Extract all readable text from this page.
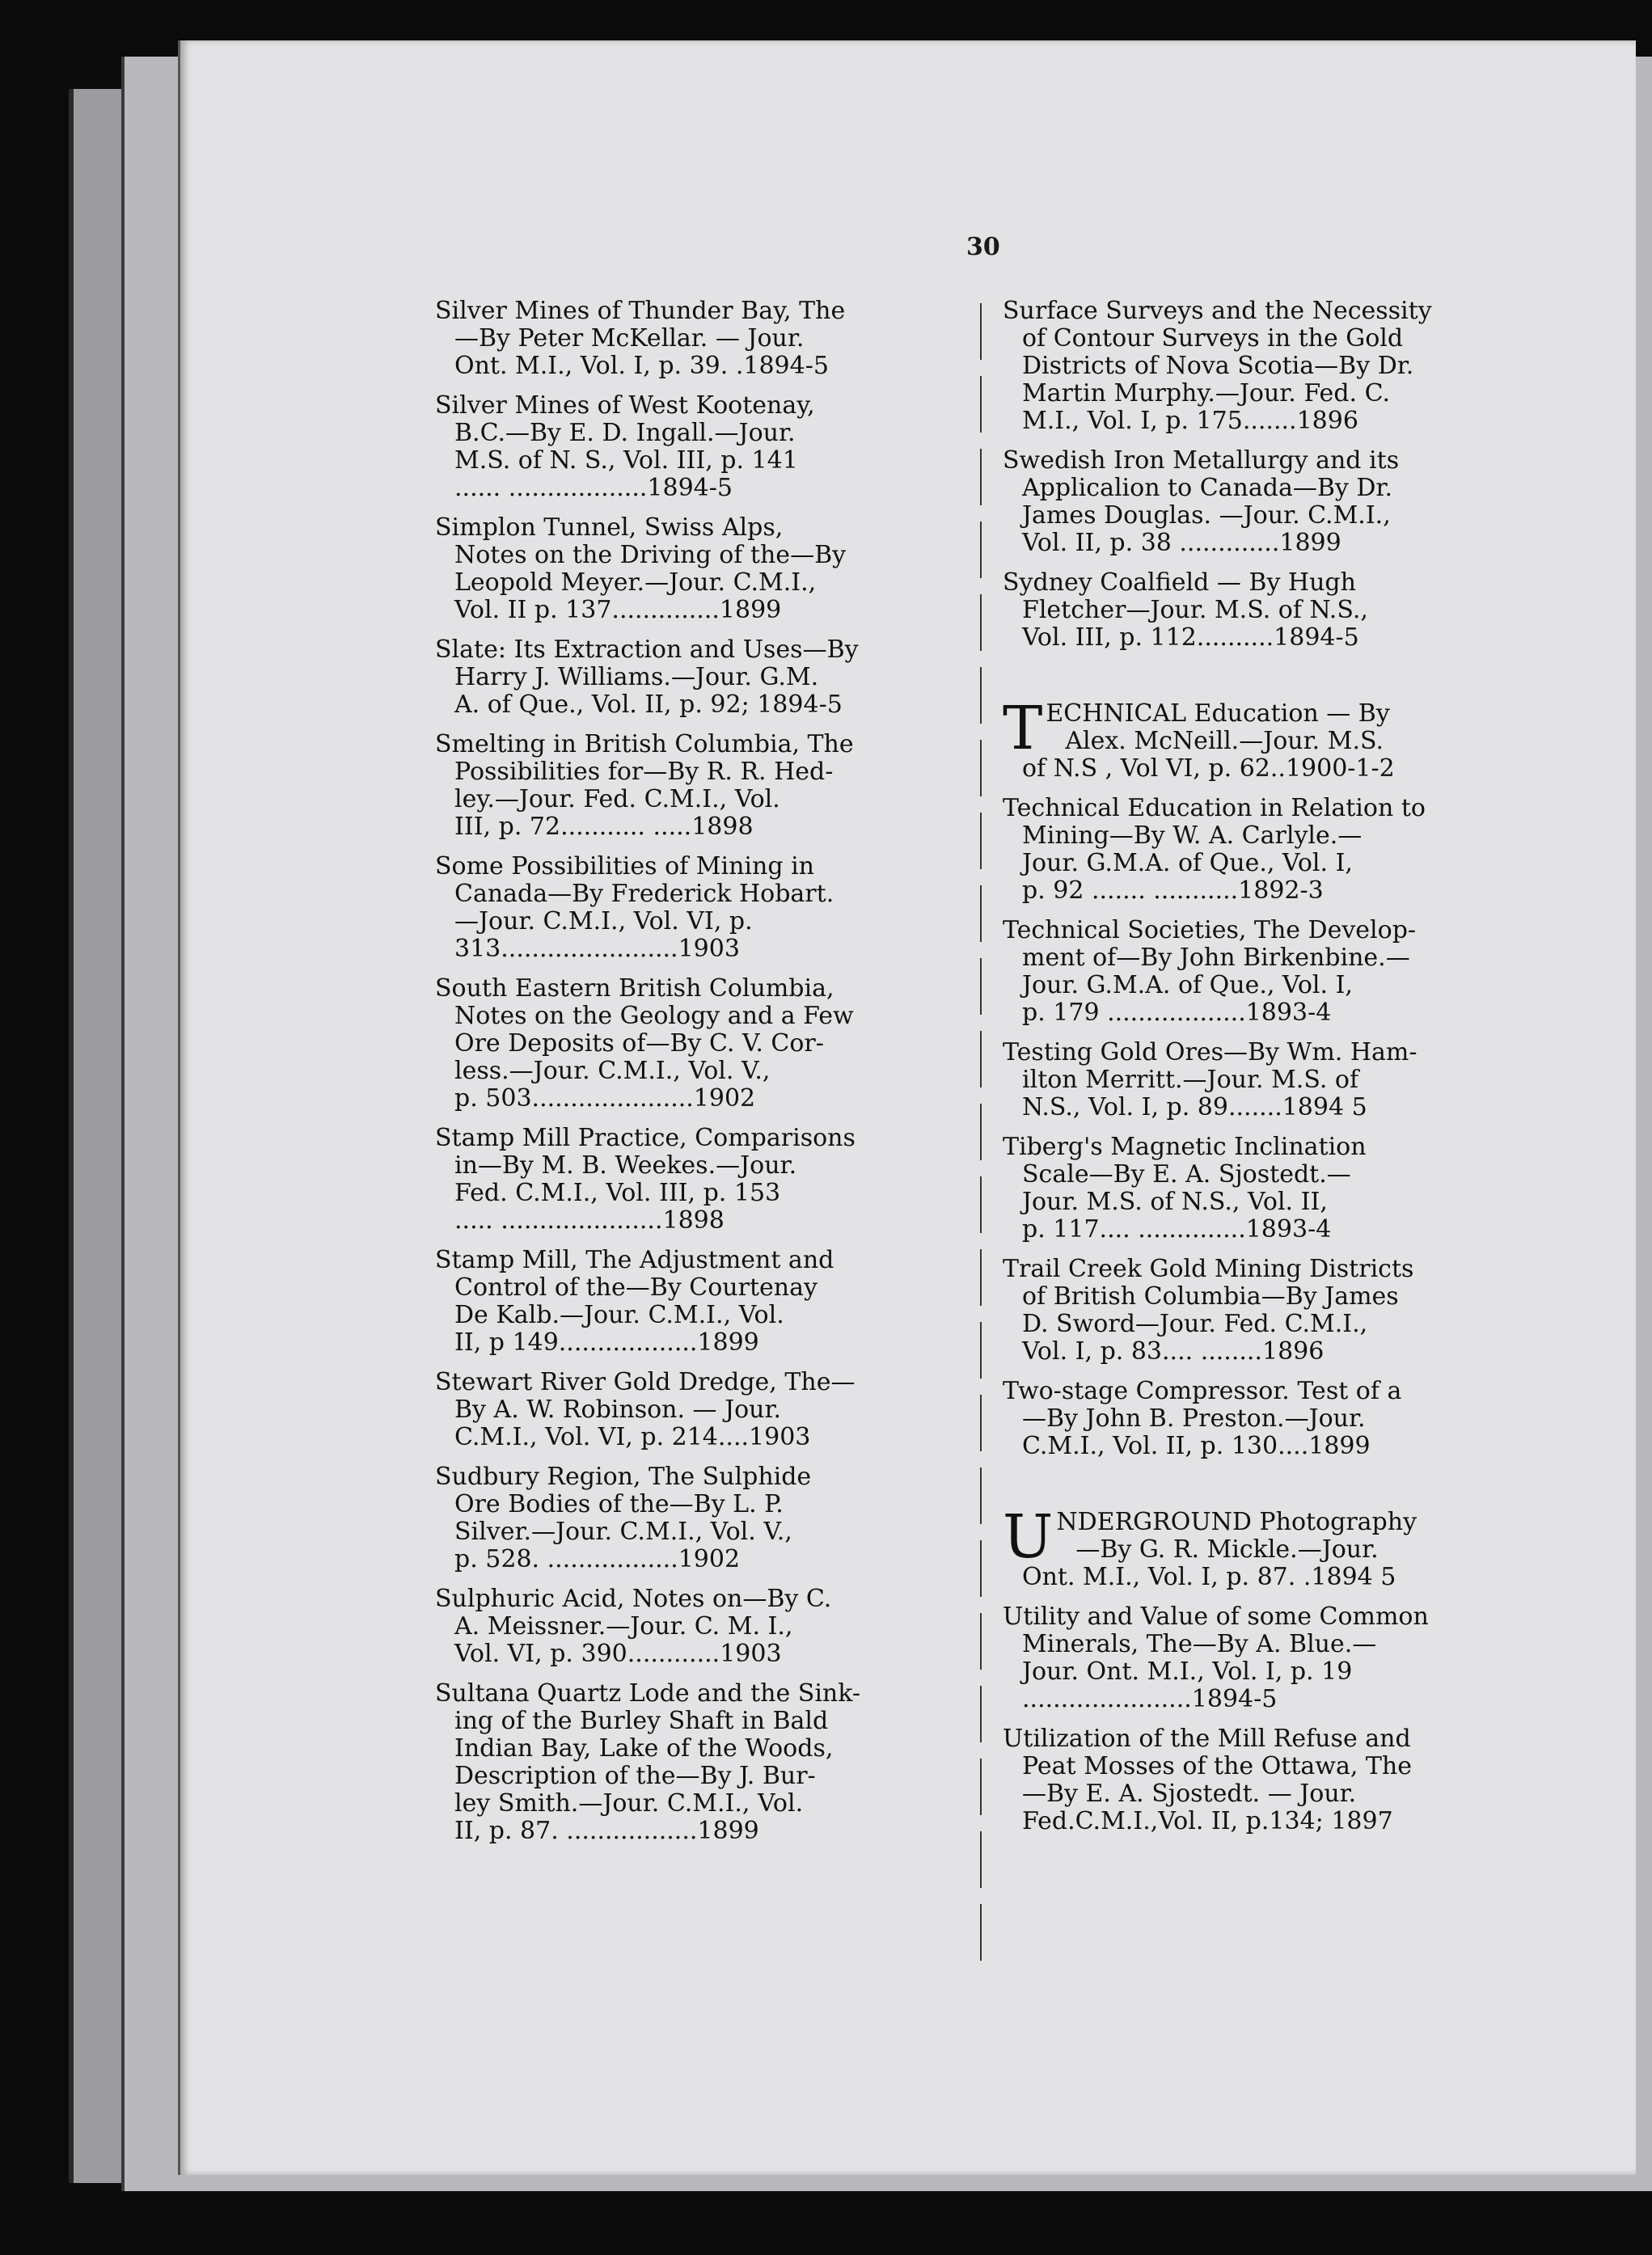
30
Silver Mines of Thunder Bay, The
—By Peter McKellar. — Jour.
Ont. M.I., Vol. I, p. 39. .1894-5
Silver Mines of West Kootenay,
B.C.—By E. D. Ingall.—Jour.
M.S. of N. S., Vol. III, p. 141
...... ..................1894-5
Simplon Tunnel, Swiss Alps,
Notes on the Driving of the—By
Leopold Meyer.—Jour. C.M.I.,
Vol. II p. 137..............1899
Slate: Its Extraction and Uses—By
Harry J. Williams.—Jour. G.M.
A. of Que., Vol. II, p. 92; 1894-5
Smelting in British Columbia, The
Possibilities for—By R. R. Hed-
ley.—Jour. Fed. C.M.I., Vol.
III, p. 72........... .....1898
Some Possibilities of Mining in
Canada—By Frederick Hobart.
—Jour. C.M.I., Vol. VI, p.
313.......................1903
South Eastern British Columbia,
Notes on the Geology and a Few
Ore Deposits of—By C. V. Cor-
less.—Jour. C.M.I., Vol. V.,
p. 503.....................1902
Stamp Mill Practice, Comparisons
in—By M. B. Weekes.—Jour.
Fed. C.M.I., Vol. III, p. 153
..... .....................1898
Stamp Mill, The Adjustment and
Control of the—By Courtenay
De Kalb.—Jour. C.M.I., Vol.
II, p 149..................1899
Stewart River Gold Dredge, The—
By A. W. Robinson. — Jour.
C.M.I., Vol. VI, p. 214....1903
Sudbury Region, The Sulphide
Ore Bodies of the—By L. P.
Silver.—Jour. C.M.I., Vol. V.,
p. 528. .................1902
Sulphuric Acid, Notes on—By C.
A. Meissner.—Jour. C. M. I.,
Vol. VI, p. 390............1903
Sultana Quartz Lode and the Sink-
ing of the Burley Shaft in Bald
Indian Bay, Lake of the Woods,
Description of the—By J. Bur-
ley Smith.—Jour. C.M.I., Vol.
II, p. 87. .................1899
Surface Surveys and the Necessity
of Contour Surveys in the Gold
Districts of Nova Scotia—By Dr.
Martin Murphy.—Jour. Fed. C.
M.I., Vol. I, p. 175.......1896
Swedish Iron Metallurgy and its
Applicalion to Canada—By Dr.
James Douglas. —Jour. C.M.I.,
Vol. II, p. 38 .............1899
Sydney Coalfield — By Hugh
Fletcher—Jour. M.S. of N.S.,
Vol. III, p. 112..........1894-5
T ECHNICAL Education — By
Alex. McNeill.—Jour. M.S.
of N.S , Vol VI, p. 62..1900-1-2
Technical Education in Relation to
Mining—By W. A. Carlyle.—
Jour. G.M.A. of Que., Vol. I,
p. 92 ....... ...........1892-3
Technical Societies, The Develop-
ment of—By John Birkenbine.—
Jour. G.M.A. of Que., Vol. I,
p. 179 ..................1893-4
Testing Gold Ores—By Wm. Ham-
ilton Merritt.—Jour. M.S. of
N.S., Vol. I, p. 89.......1894 5
Tiberg's Magnetic Inclination
Scale—By E. A. Sjostedt.—
Jour. M.S. of N.S., Vol. II,
p. 117.... ..............1893-4
Trail Creek Gold Mining Districts
of British Columbia—By James
D. Sword—Jour. Fed. C.M.I.,
Vol. I, p. 83.... ........1896
Two-stage Compressor. Test of a
—By John B. Preston.—Jour.
C.M.I., Vol. II, p. 130....1899
U NDERGROUND Photography
—By G. R. Mickle.—Jour.
Ont. M.I., Vol. I, p. 87. .1894 5
Utility and Value of some Common
Minerals, The—By A. Blue.—
Jour. Ont. M.I., Vol. I, p. 19
......................1894-5
Utilization of the Mill Refuse and
Peat Mosses of the Ottawa, The
—By E. A. Sjostedt. — Jour.
Fed.C.M.I.,Vol. II, p.134; 1897
